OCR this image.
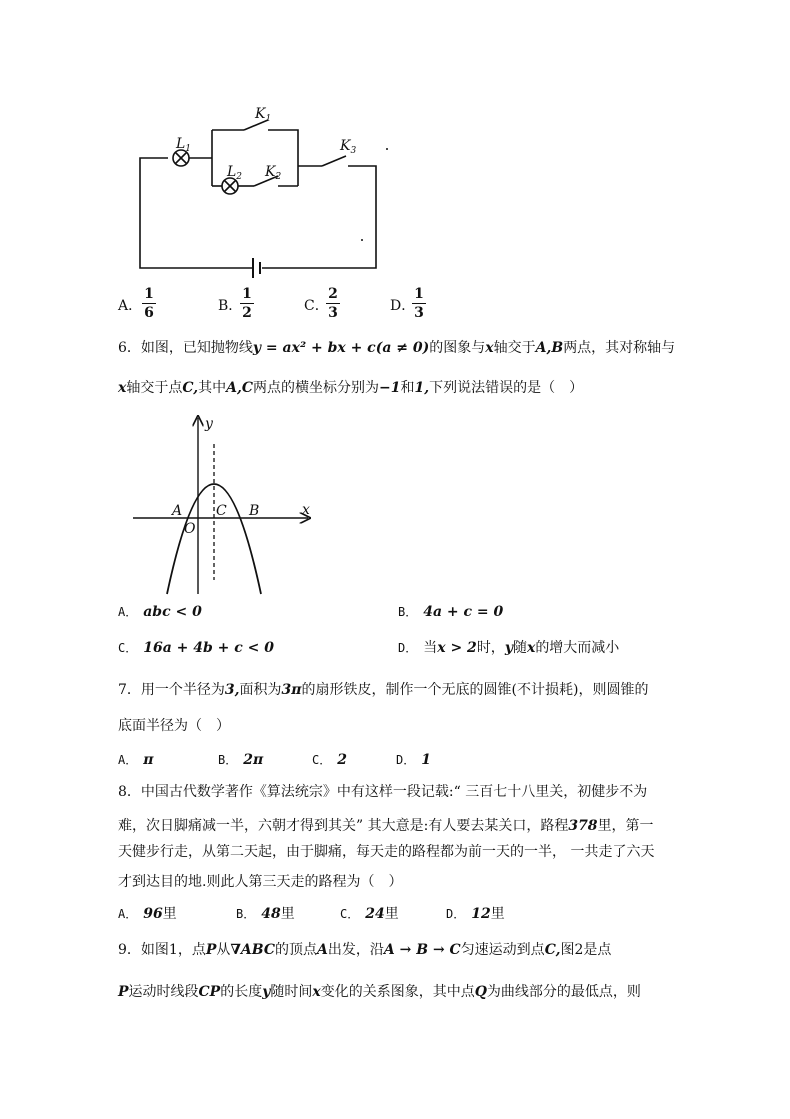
$L_1$
$L_2$
$K_1$
$K_2$
$K_3$
A．
1
6	B．
1
2	C．
2
3	D．
1
3
6．如图，已知抛物线y = ax² + bx + c(a ≠ 0)的图象与x轴交于A,B两点，其对称轴与
x轴交于点C,其中A,C两点的横坐标分别为−1和1,下列说法错误的是（　）
y
x
A
O
C B
A． abc < 0	B． 4a + c = 0
C． 16a + 4b + c < 0	D． 当x > 2时，y随x的增大而减小
7．用一个半径为3,面积为3π的扇形铁皮，制作一个无底的圆锥(不计损耗)，则圆锥的
底面半径为（　）
A． π	B． 2π	C． 2	D． 1
8．中国古代数学著作《算法统宗》中有这样一段记载:“ 三百七十八里关，初健步不为
难，次日脚痛减一半，六朝才得到其关” 其大意是:有人要去某关口，路程378里，第一
天健步行走，从第二天起，由于脚痛，每天走的路程都为前一天的一半， 一共走了六天
才到达目的地.则此人第三天走的路程为（　）
A． 96里	B． 48里	C． 24里	D． 12里
9．如图1，点P从∇ABC的顶点A出发，沿A → B → C匀速运动到点C,图2是点
P运动时线段CP的长度y随时间x变化的关系图象，其中点Q为曲线部分的最低点，则
